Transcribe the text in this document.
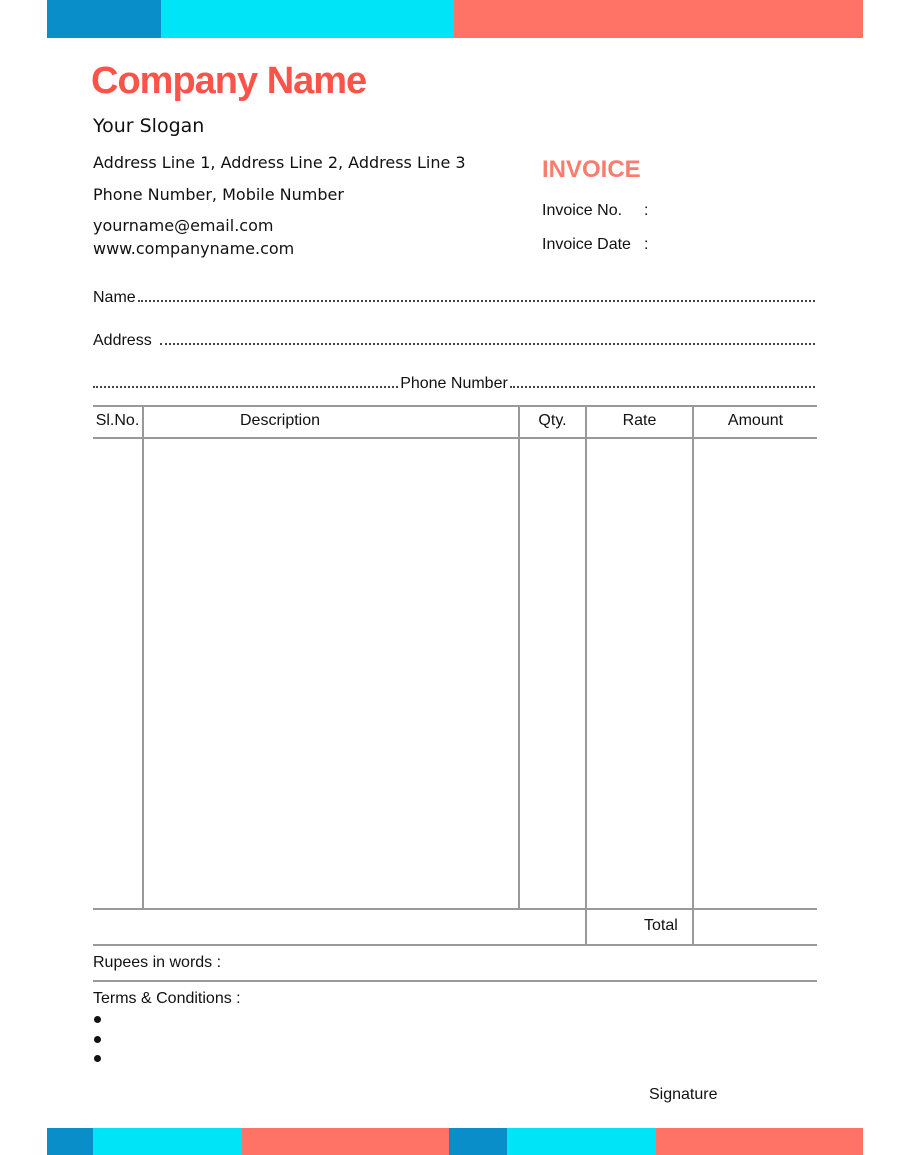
Company Name
Your Slogan
Address Line 1, Address Line 2, Address Line 3
Phone Number, Mobile Number
yourname@email.com
www.companyname.com
INVOICE
Invoice No. :
Invoice Date :
Name
Address
Phone Number
Sl.No.	Description	Qty.	Rate	Amount
Total
Rupees in words :
Terms & Conditions :
Signature
